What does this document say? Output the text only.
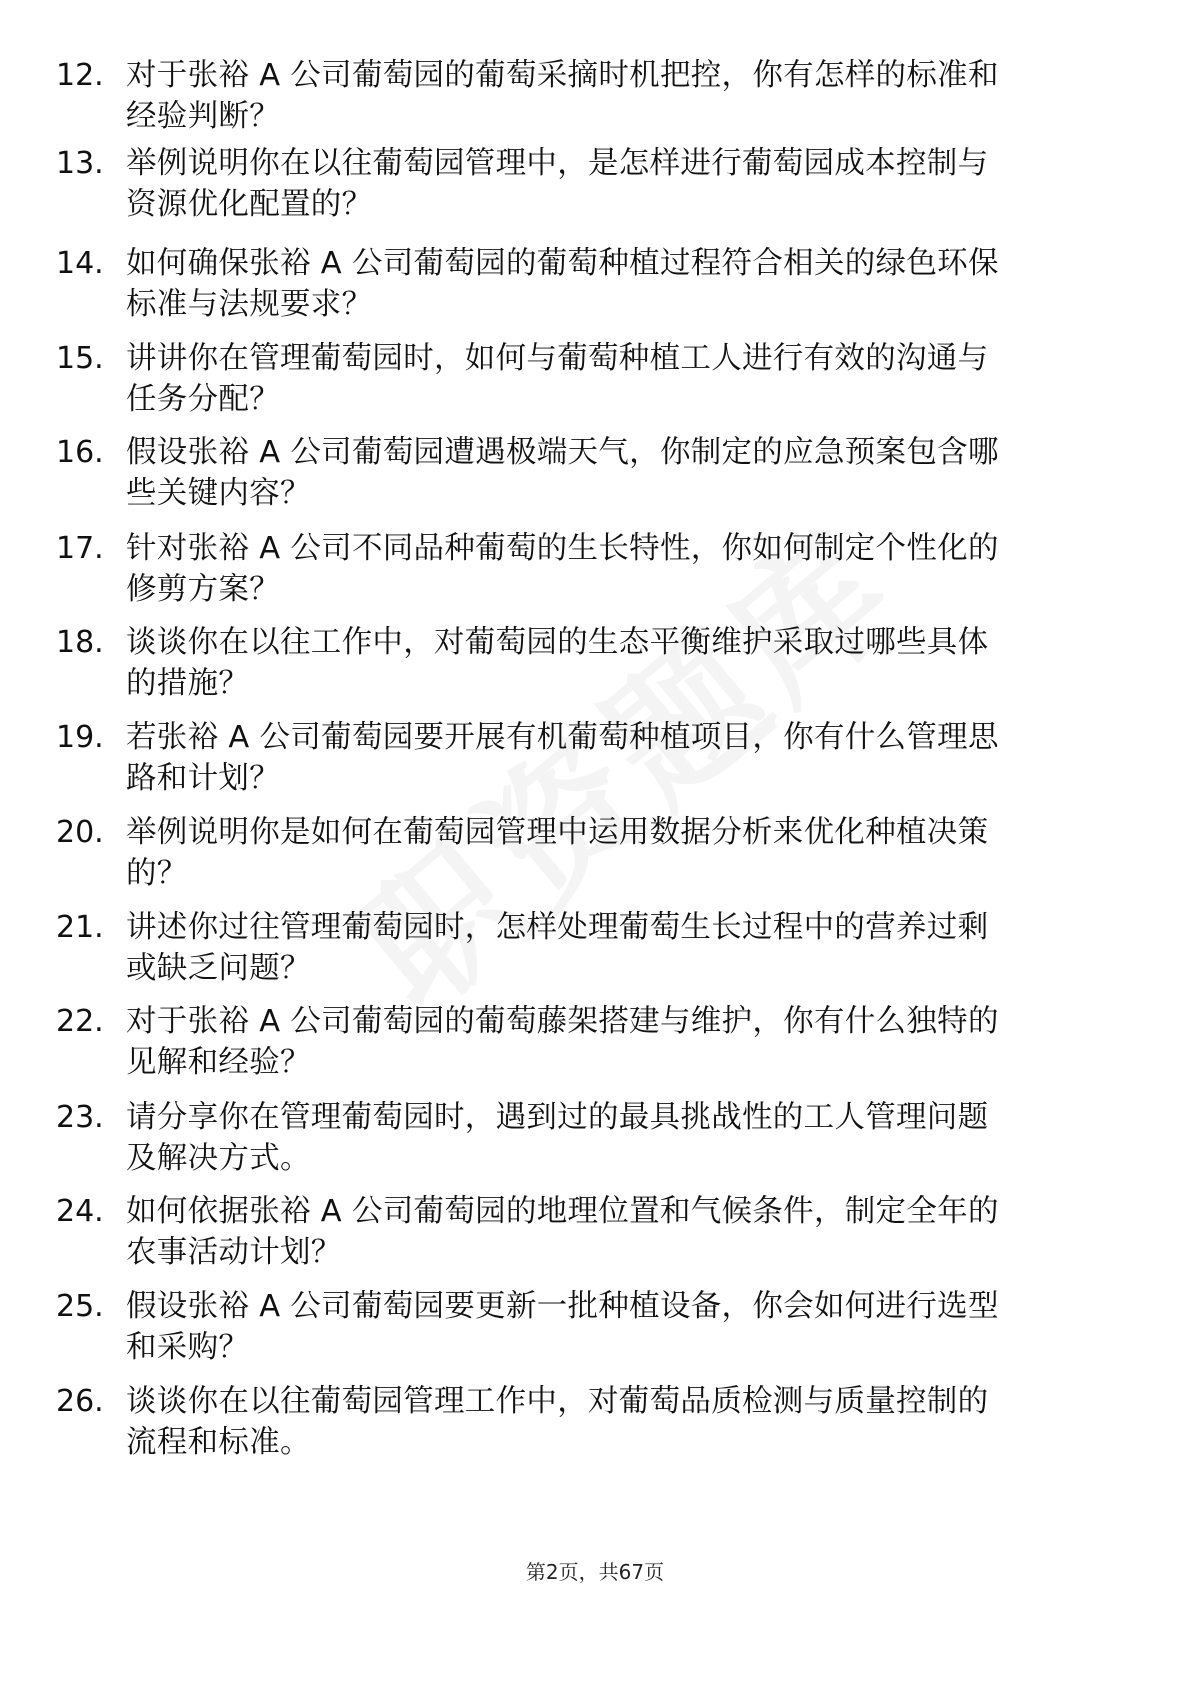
12. 对于张裕 A 公司葡萄园的葡萄采摘时机把控，你有怎样的标准和
经验判断？
13. 举例说明你在以往葡萄园管理中，是怎样进行葡萄园成本控制与
资源优化配置的？
14. 如何确保张裕 A 公司葡萄园的葡萄种植过程符合相关的绿色环保
标准与法规要求？
15. 讲讲你在管理葡萄园时，如何与葡萄种植工人进行有效的沟通与
任务分配？
16. 假设张裕 A 公司葡萄园遭遇极端天气，你制定的应急预案包含哪
些关键内容？
17. 针对张裕 A 公司不同品种葡萄的生长特性，你如何制定个性化的
修剪方案？
18. 谈谈你在以往工作中，对葡萄园的生态平衡维护采取过哪些具体
的措施？
19. 若张裕 A 公司葡萄园要开展有机葡萄种植项目，你有什么管理思
路和计划？
20. 举例说明你是如何在葡萄园管理中运用数据分析来优化种植决策
的？
21. 讲述你过往管理葡萄园时，怎样处理葡萄生长过程中的营养过剩
或缺乏问题？
22. 对于张裕 A 公司葡萄园的葡萄藤架搭建与维护，你有什么独特的
见解和经验？
23. 请分享你在管理葡萄园时，遇到过的最具挑战性的工人管理问题
及解决方式。
24. 如何依据张裕 A 公司葡萄园的地理位置和气候条件，制定全年的
农事活动计划？
25. 假设张裕 A 公司葡萄园要更新一批种植设备，你会如何进行选型
和采购？
26. 谈谈你在以往葡萄园管理工作中，对葡萄品质检测与质量控制的
流程和标准。
第2页，共67页
